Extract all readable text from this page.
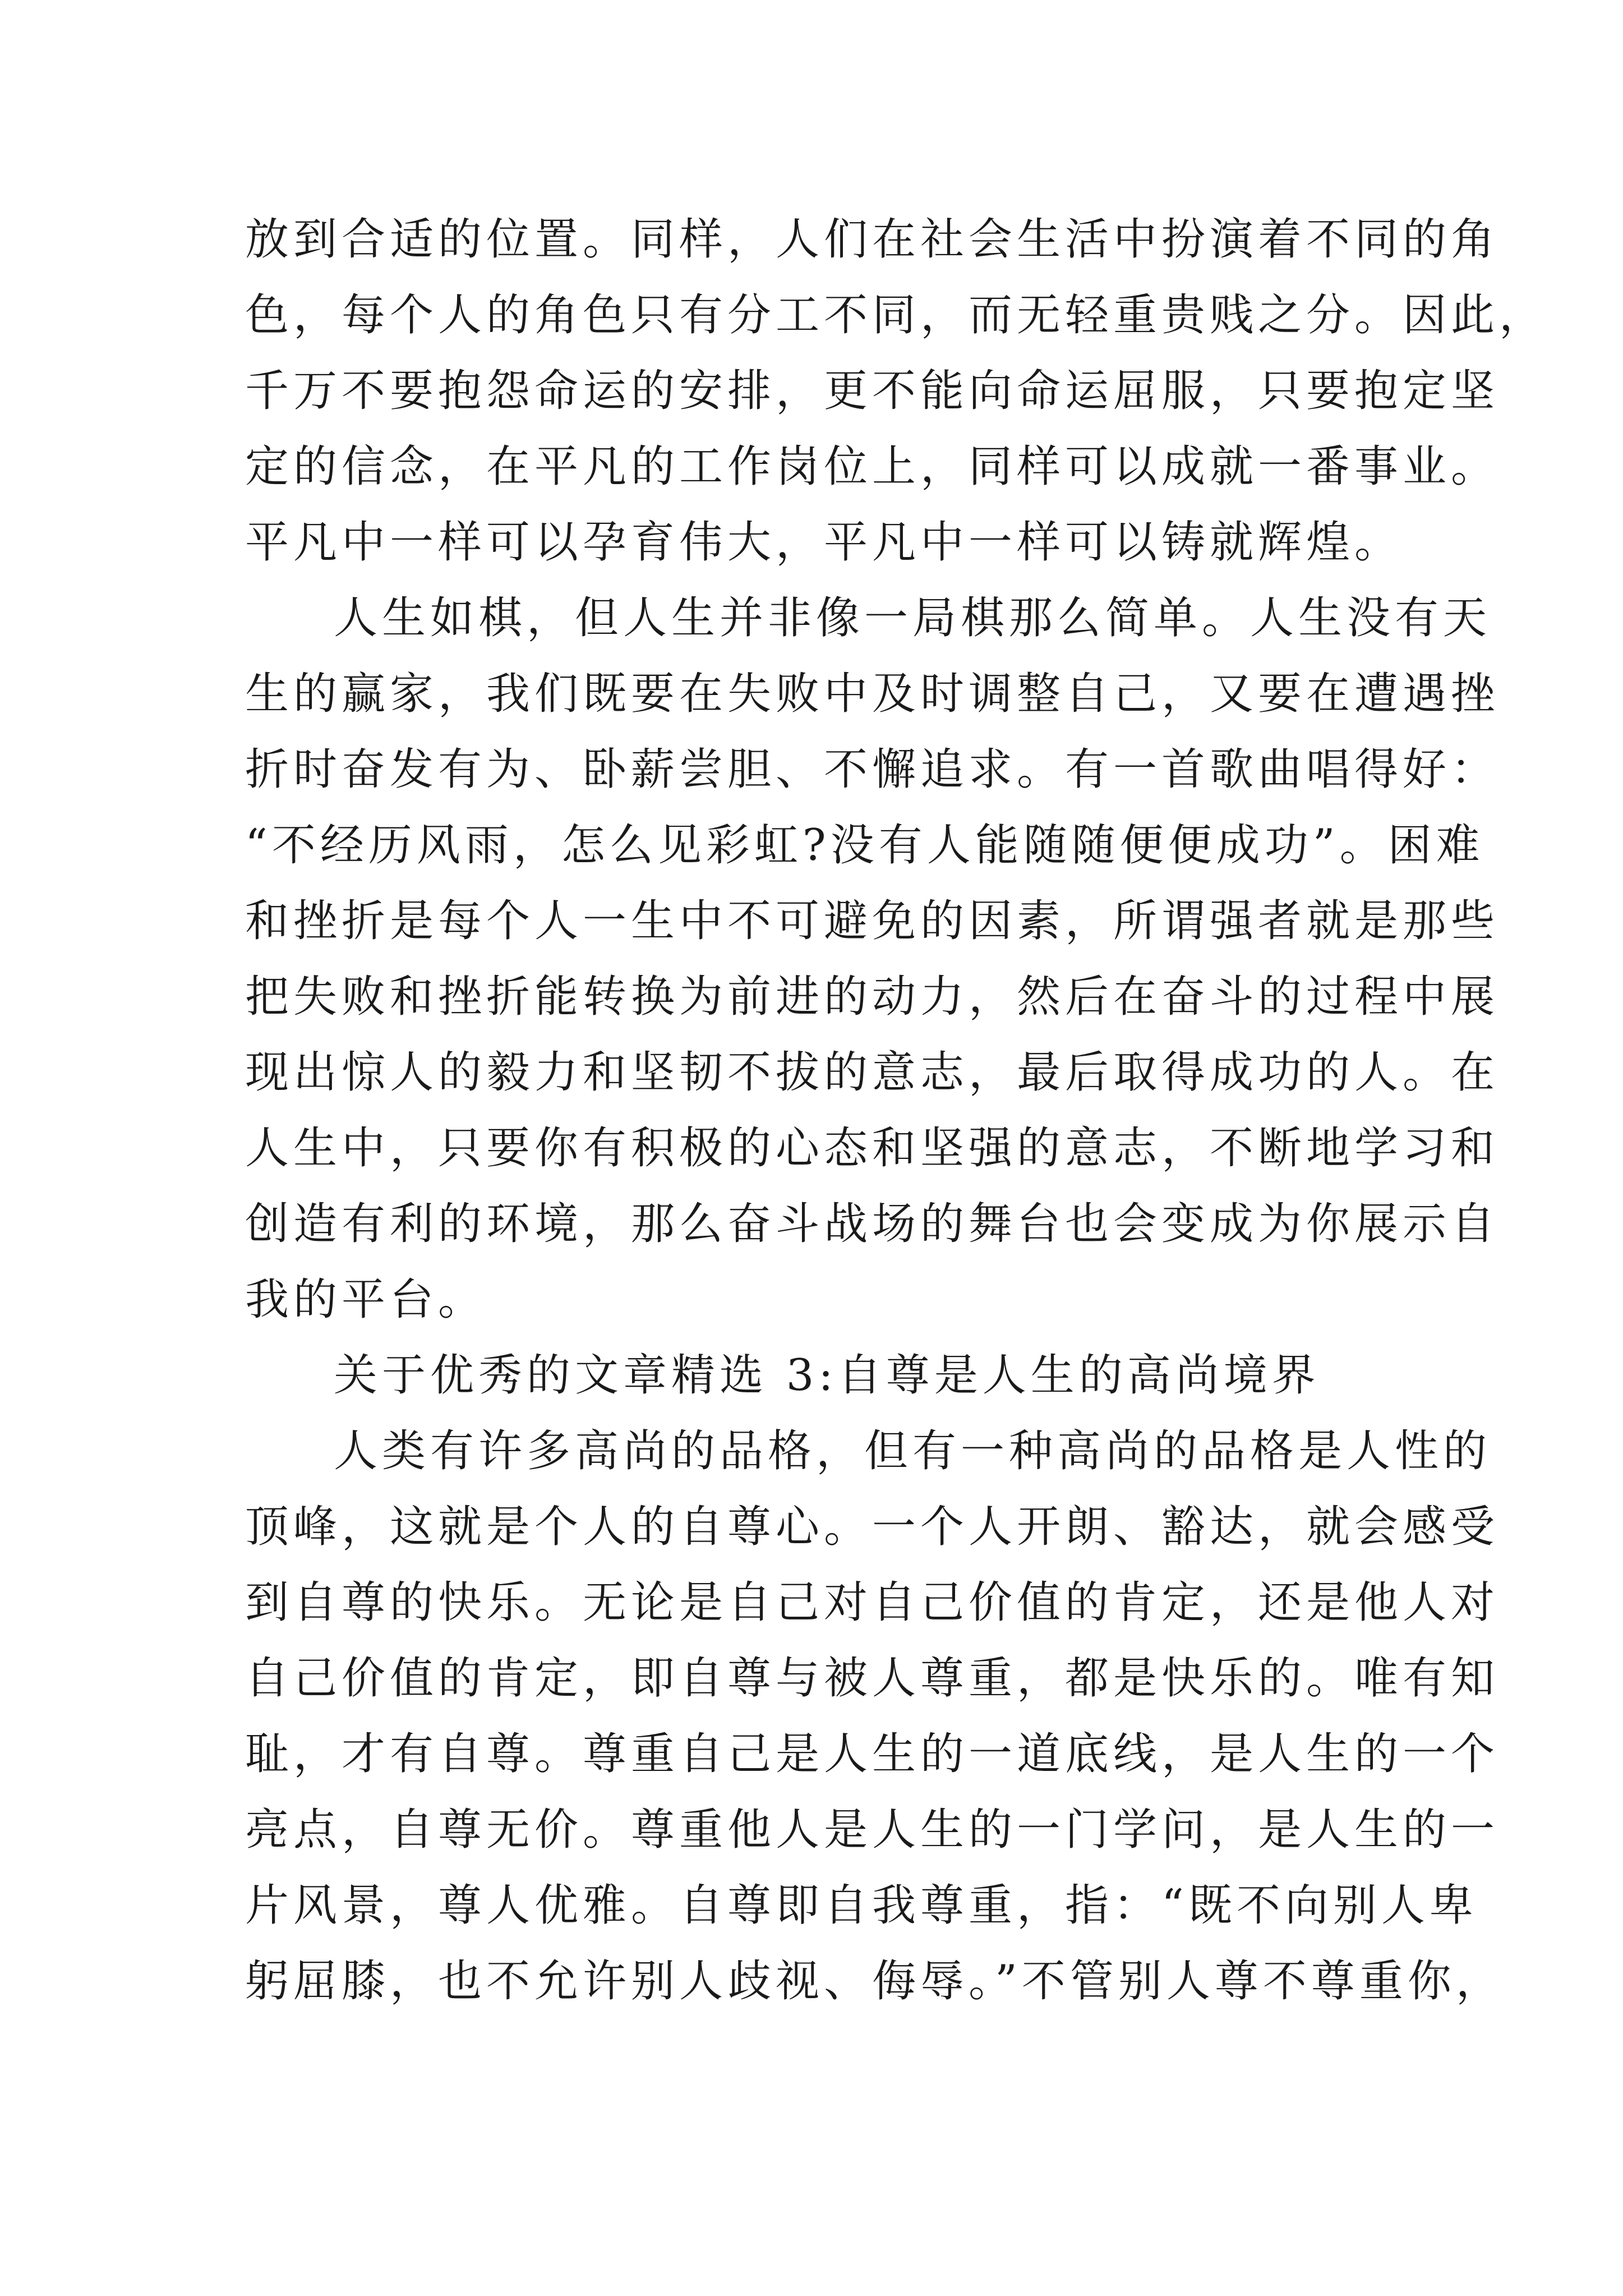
放到合适的位置。同样，人们在社会生活中扮演着不同的角
色，每个人的角色只有分工不同，而无轻重贵贱之分。因此，
千万不要抱怨命运的安排，更不能向命运屈服，只要抱定坚
定的信念，在平凡的工作岗位上，同样可以成就一番事业。
平凡中一样可以孕育伟大，平凡中一样可以铸就辉煌。
人生如棋，但人生并非像一局棋那么简单。人生没有天
生的赢家，我们既要在失败中及时调整自己，又要在遭遇挫
折时奋发有为、卧薪尝胆、不懈追求。有一首歌曲唱得好：
“不经历风雨，怎么见彩虹?没有人能随随便便成功”。困难
和挫折是每个人一生中不可避免的因素，所谓强者就是那些
把失败和挫折能转换为前进的动力，然后在奋斗的过程中展
现出惊人的毅力和坚韧不拔的意志，最后取得成功的人。在
人生中，只要你有积极的心态和坚强的意志，不断地学习和
创造有利的环境，那么奋斗战场的舞台也会变成为你展示自
我的平台。
关于优秀的文章精选 3:自尊是人生的高尚境界
人类有许多高尚的品格，但有一种高尚的品格是人性的
顶峰，这就是个人的自尊心。一个人开朗、豁达，就会感受
到自尊的快乐。无论是自己对自己价值的肯定，还是他人对
自己价值的肯定，即自尊与被人尊重，都是快乐的。唯有知
耻，才有自尊。尊重自己是人生的一道底线，是人生的一个
亮点，自尊无价。尊重他人是人生的一门学问，是人生的一
片风景，尊人优雅。自尊即自我尊重，指：“既不向别人卑
躬屈膝，也不允许别人歧视、侮辱。”不管别人尊不尊重你，
